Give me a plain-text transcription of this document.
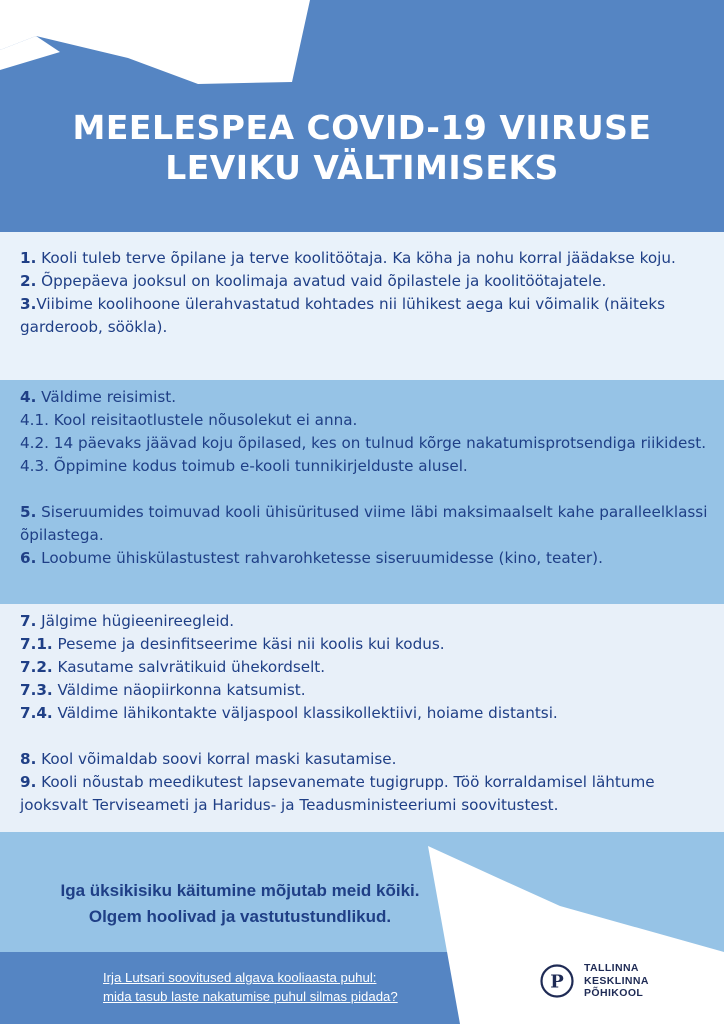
MEELESPEA COVID-19 VIIRUSE
LEVIKU VÄLTIMISEKS

1. Kooli tuleb terve õpilane ja terve koolitöötaja. Ka köha ja nohu korral jäädakse koju.

2. Õppepäeva jooksul on koolimaja avatud vaid õpilastele ja koolitöötajatele.

3.Viibime koolihoone ülerahvastatud kohtades nii lühikest aega kui võimalik (näiteks garderoob, söökla).

4. Väldime reisimist.

4.1. Kool reisitaotlustele nõusolekut ei anna.

4.2. 14 päevaks jäävad koju õpilased, kes on tulnud kõrge nakatumisprotsendiga riikidest.

4.3. Õppimine kodus toimub e-kooli tunnikirjelduste alusel.

5. Siseruumides toimuvad kooli ühisüritused viime läbi maksimaalselt kahe paralleelklassi õpilastega.

6. Loobume ühiskülastustest rahvarohketesse siseruumidesse (kino, teater).

7. Jälgime hügieenireegleid.

7.1. Peseme ja desinfitseerime käsi nii koolis kui kodus.

7.2. Kasutame salvrätikuid ühekordselt.

7.3. Väldime näopiirkonna katsumist.

7.4. Väldime lähikontakte väljaspool klassikollektiivi, hoiame distantsi.

8. Kool võimaldab soovi korral maski kasutamise.

9. Kooli nõustab meedikutest lapsevanemate tugigrupp. Töö korraldamisel lähtume jooksvalt Terviseameti ja Haridus- ja Teadusministeeriumi soovitustest.

Iga üksikisiku käitumine mõjutab meid kõiki.
Olgem hoolivad ja vastutustundlikud.
Irja Lutsari soovitused algava kooliaasta puhul:
mida tasub laste nakatumise puhul silmas pidada?
P
TALLINNA
KESKLINNA
PÕHIKOOL
